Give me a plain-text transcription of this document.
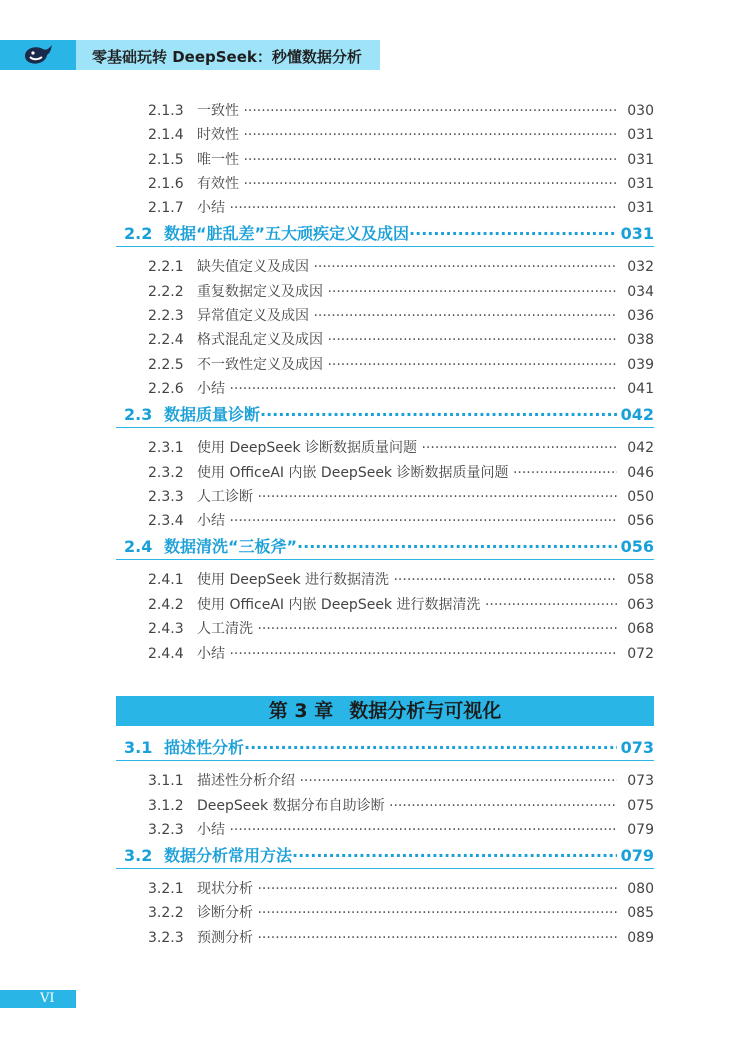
零基础玩转 DeepSeek：秒懂数据分析
2.1.3 一致性 ·····	030
2.1.4 时效性 ·····	031
2.1.5 唯一性 ·····	031
2.1.6 有效性 ·····	031
2.1.7 小结 ·····	031
2.2 数据“脏乱差”五大顽疾定义及成因 ·····	031
2.2.1 缺失值定义及成因 ·····	032
2.2.2 重复数据定义及成因 ·····	034
2.2.3 异常值定义及成因 ·····	036
2.2.4 格式混乱定义及成因 ·····	038
2.2.5 不一致性定义及成因 ·····	039
2.2.6 小结 ·····	041
2.3 数据质量诊断 ·····	042
2.3.1 使用 DeepSeek 诊断数据质量问题 ·····	042
2.3.2 使用 OfficeAI 内嵌 DeepSeek 诊断数据质量问题 ·····	046
2.3.3 人工诊断 ·····	050
2.3.4 小结 ·····	056
2.4 数据清洗“三板斧” ·····	056
2.4.1 使用 DeepSeek 进行数据清洗 ·····	058
2.4.2 使用 OfficeAI 内嵌 DeepSeek 进行数据清洗 ·····	063
2.4.3 人工清洗 ·····	068
2.4.4 小结 ·····	072
第 3 章 数据分析与可视化
3.1 描述性分析 ·····	073
3.1.1 描述性分析介绍 ·····	073
3.1.2 DeepSeek 数据分布自助诊断 ·····	075
3.2.3 小结 ·····	079
3.2 数据分析常用方法 ·····	079
3.2.1 现状分析 ·····	080
3.2.2 诊断分析 ·····	085
3.2.3 预测分析 ·····	089
VI
